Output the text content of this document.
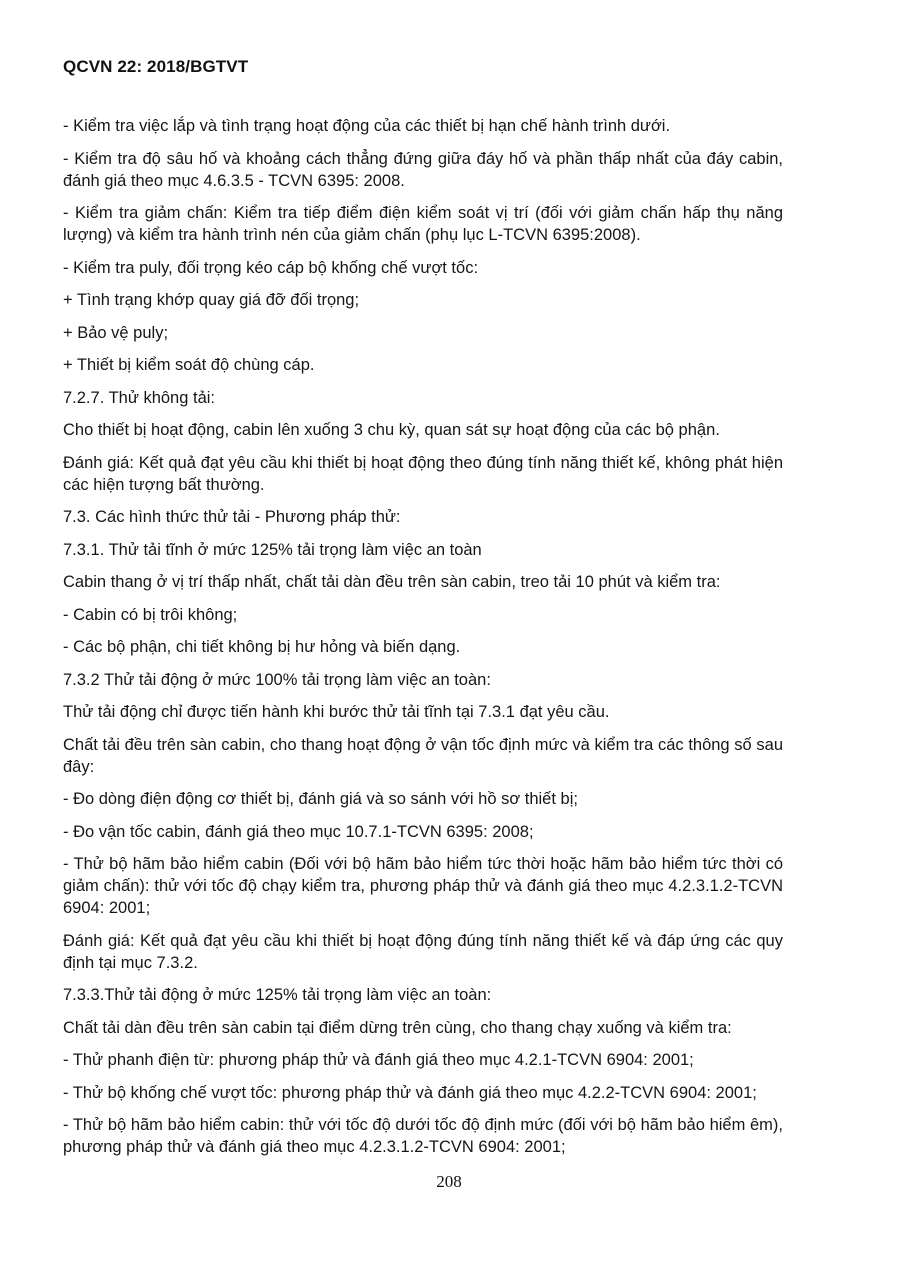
QCVN 22: 2018/BGTVT

- Kiểm tra việc lắp và tình trạng hoạt động của các thiết bị hạn chế hành trình dưới.

- Kiểm tra độ sâu hố và khoảng cách thẳng đứng giữa đáy hố và phần thấp nhất của đáy cabin, đánh giá theo mục 4.6.3.5 - TCVN 6395: 2008.

- Kiểm tra giảm chấn: Kiểm tra tiếp điểm điện kiểm soát vị trí (đối với giảm chấn hấp thụ năng lượng) và kiểm tra hành trình nén của giảm chấn (phụ lục L-TCVN 6395:2008).

- Kiểm tra puly, đối trọng kéo cáp bộ khống chế vượt tốc:

+ Tình trạng khớp quay giá đỡ đối trọng;

+ Bảo vệ puly;

+ Thiết bị kiểm soát độ chùng cáp.

7.2.7. Thử không tải:

Cho thiết bị hoạt động, cabin lên xuống 3 chu kỳ, quan sát sự hoạt động của các bộ phận.

Đánh giá: Kết quả đạt yêu cầu khi thiết bị hoạt động theo đúng tính năng thiết kế, không phát hiện các hiện tượng bất thường.

7.3. Các hình thức thử tải - Phương pháp thử:

7.3.1. Thử tải tĩnh ở mức 125% tải trọng làm việc an toàn

Cabin thang ở vị trí thấp nhất, chất tải dàn đều trên sàn cabin, treo tải 10 phút và kiểm tra:

- Cabin có bị trôi không;

- Các bộ phận, chi tiết không bị hư hỏng và biến dạng.

7.3.2 Thử tải động ở mức 100% tải trọng làm việc an toàn:

Thử tải động chỉ được tiến hành khi bước thử tải tĩnh tại 7.3.1 đạt yêu cầu.

Chất tải đều trên sàn cabin, cho thang hoạt động ở vận tốc định mức và kiểm tra các thông số sau đây:

- Đo dòng điện động cơ thiết bị, đánh giá và so sánh với hồ sơ thiết bị;

- Đo vận tốc cabin, đánh giá theo mục 10.7.1-TCVN 6395: 2008;

- Thử bộ hãm bảo hiểm cabin (Đối với bộ hãm bảo hiểm tức thời hoặc hãm bảo hiểm tức thời có giảm chấn): thử với tốc độ chạy kiểm tra, phương pháp thử và đánh giá theo mục 4.2.3.1.2-TCVN 6904: 2001;

Đánh giá: Kết quả đạt yêu cầu khi thiết bị hoạt động đúng tính năng thiết kế và đáp ứng các quy định tại mục 7.3.2.

7.3.3.Thử tải động ở mức 125% tải trọng làm việc an toàn:

Chất tải dàn đều trên sàn cabin tại điểm dừng trên cùng, cho thang chạy xuống và kiểm tra:

- Thử phanh điện từ: phương pháp thử và đánh giá theo mục 4.2.1-TCVN 6904: 2001;

- Thử bộ khống chế vượt tốc: phương pháp thử và đánh giá theo mục 4.2.2-TCVN 6904: 2001;

- Thử bộ hãm bảo hiểm cabin: thử với tốc độ dưới tốc độ định mức (đối với bộ hãm bảo hiểm êm), phương pháp thử và đánh giá theo mục 4.2.3.1.2-TCVN 6904: 2001;

208
